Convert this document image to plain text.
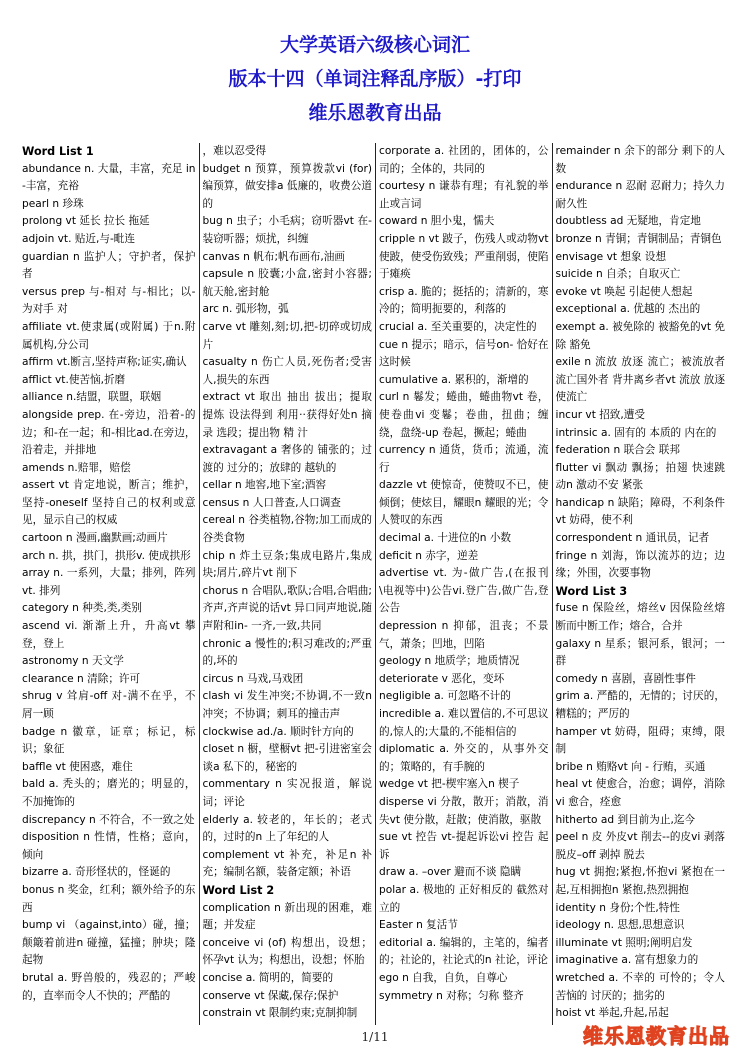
大学英语六级核心词汇

版本十四（单词注释乱序版）-打印

维乐恩教育出品

Word List 1

abundance n. 大量，丰富，充足 in-丰富，充裕

pearl n 珍珠

prolong vt 延长 拉长 拖延

adjoin vt. 贴近,与-毗连

guardian n 监护人；守护者，保护者

versus prep 与-相对 与-相比；以-为对手 对

affiliate vt.使隶属(或附属) 于n.附属机构,分公司

affirm vt.断言,坚持声称;证实,确认

afflict vt.使苦恼,折磨

alliance n.结盟，联盟，联姻

alongside prep. 在-旁边，沿着-的边；和-在一起；和-相比ad.在旁边，沿着走，并排地

amends n.赔罪，赔偿

assert vt 肯定地说，断言；维护，坚持-oneself 坚持自己的权利或意见，显示自己的权威

cartoon n 漫画,幽默画;动画片

arch n. 拱，拱门，拱形v. 使成拱形

array n. 一系列，大量；排列，阵列vt. 排列

category n 种类,类,类别

ascend vi. 渐渐上升，升高vt 攀登，登上

astronomy n 天文学

clearance n 清除；许可

shrug v 耸肩-off 对-满不在乎，不屑一顾

badge n 徽章，证章；标记，标识；象征

baffle vt 使困惑，难住

bald a. 秃头的；磨光的；明显的，不加掩饰的

discrepancy n 不符合，不一致之处

disposition n 性情，性格；意向，倾向

bizarre a. 奇形怪状的，怪诞的

bonus n 奖金，红利；额外给予的东西

bump vi （against,into）碰，撞；颠簸着前进n 碰撞，猛撞；肿块；隆起物

brutal a. 野兽般的，残忍的；严峻的，直率而令人不快的；严酷的

，难以忍受得

budget n 预算，预算拨款vi (for) 编预算，做安排a 低廉的，收费公道的

bug n 虫子；小毛病；窃听器vt 在-装窃听器；烦扰，纠缠

canvas n 帆布;帆布画布,油画

capsule n 胶囊;小盒,密封小容器;航天舱,密封舱

arc n. 弧形物，弧

carve vt 雕刻,刻;切,把-切碎或切成片

casualty n 伤亡人员,死伤者;受害人,损失的东西

extract vt 取出 抽出 拔出；提取 提炼 设法得到 利用··获得好处n 摘录 选段；提出物 精 汁

extravagant a 奢侈的 铺张的；过渡的 过分的；放肆的 越轨的

cellar n 地窖,地下室;酒窖

census n 人口普查,人口调查

cereal n 谷类植物,谷物;加工而成的谷类食物

chip n 炸土豆条;集成电路片,集成块;屑片,碎片vt 削下

chorus n 合唱队,歌队;合唱,合唱曲;齐声,齐声说的话vt 异口同声地说,随声附和in- 一齐,一致,共同

chronic a 慢性的;积习难改的;严重的,坏的

circus n 马戏,马戏团

clash vi 发生冲突;不协调,不一致n 冲突；不协调；刺耳的撞击声

clockwise ad./a. 顺时针方向的

closet n 橱，壁橱vt 把-引进密室会谈a 私下的，秘密的

commentary n 实况报道，解说词；评论

elderly a. 较老的，年长的；老式的，过时的n 上了年纪的人

complement vt 补充，补足n 补充；编制名额，装备定额；补语

Word List 2

complication n 新出现的困难，难题；并发症

conceive vi (of) 构想出，设想；怀孕vt 认为；构想出，设想；怀胎

concise a. 简明的，简要的

conserve vt 保藏,保存;保护

constrain vt 限制约束;克制抑制

corporate a. 社团的，团体的，公司的；全体的，共同的

courtesy n 谦恭有理；有礼貌的举止或言词

coward n 胆小鬼，懦夫

cripple n vt 跛子，伤残人或动物vt 使跛，使受伤致残；严重削弱，使陷于瘫痪

crisp a. 脆的；挺括的；清新的，寒冷的；简明扼要的，利落的

crucial a. 至关重要的，决定性的

cue n 提示；暗示，信号on- 恰好在这时候

cumulative a. 累积的，渐增的

curl n 鬈发；蜷曲，蜷曲物vt 卷，使卷曲vi 变鬈；卷曲，扭曲；缠绕，盘绕-up 卷起，撅起；蜷曲

currency n 通货，货币；流通，流行

dazzle vt 使惊奇，使赞叹不已，使倾倒；使炫目，耀眼n 耀眼的光；令人赞叹的东西

decimal a. 十进位的n 小数

deficit n 赤字，逆差

advertise vt. 为-做广告,(在报刊\电视等中)公告vi.登广告,做广告,登公告

depression n 抑郁，沮丧；不景气，萧条；凹地，凹陷

geology n 地质学；地质情况

deteriorate v 恶化，变坏

negligible a. 可忽略不计的

incredible a. 难以置信的,不可思议的,惊人的;大量的,不能相信的

diplomatic a. 外交的，从事外交的；策略的，有手腕的

wedge vt 把-楔牢塞入n 楔子

disperse vi 分散，散开；消散，消失vt 使分散，赶散；使消散，驱散

sue vt 控告 vt-提起诉讼vi 控告 起诉

draw a. –over 避而不谈 隐瞒

polar a. 极地的 正好相反的 截然对立的

Easter n 复活节

editorial a. 编辑的，主笔的，编者的；社论的，社论式的n 社论，评论

ego n 自我，自负，自尊心

symmetry n 对称；匀称 整齐

remainder n 余下的部分 剩下的人数

endurance n 忍耐 忍耐力；持久力耐久性

doubtless ad 无疑地，肯定地

bronze n 青铜；青铜制品；青铜色

envisage vt 想象 设想

suicide n 自杀；自取灭亡

evoke vt 唤起 引起使人想起

exceptional a. 优越的 杰出的

exempt a. 被免除的 被豁免的vt 免除 豁免

exile n 流放 放逐 流亡；被流放者 流亡国外者 背井离乡者vt 流放 放逐 使流亡

incur vt 招致,遭受

intrinsic a. 固有的 本质的 内在的

federation n 联合会 联邦

flutter vi 飘动 飘扬；拍翅 快速跳动n 激动不安 紧张

handicap n 缺陷；障碍，不利条件vt 妨碍，使不利

correspondent n 通讯员，记者

fringe n 刘海，饰以流苏的边；边缘；外围，次要事物

Word List 3

fuse n 保险丝，熔丝v 因保险丝熔断而中断工作；熔合，合并

galaxy n 星系；银河系，银河；一群

comedy n 喜剧，喜剧性事件

grim a. 严酷的，无情的；讨厌的，糟糕的；严厉的

hamper vt 妨碍，阻碍；束缚，限制

bribe n 贿赂vt 向 - 行贿，买通

heal vt 使愈合，治愈；调停，消除vi 愈合，痊愈

hitherto ad 到目前为止,迄今

peel n 皮 外皮vt 削去--的皮vi 剥落 脱皮–off 剥掉 脱去

hug vt 拥抱;紧抱,怀抱vi 紧抱在一起,互相拥抱n 紧抱,热烈拥抱

identity n 身份;个性,特性

ideology n. 思想,思想意识

illuminate vt 照明;阐明启发

imaginative a. 富有想象力的

wretched a. 不幸的 可怜的；令人苦恼的 讨厌的；拙劣的

hoist vt 举起,升起,吊起

1/11	维乐恩教育出品
